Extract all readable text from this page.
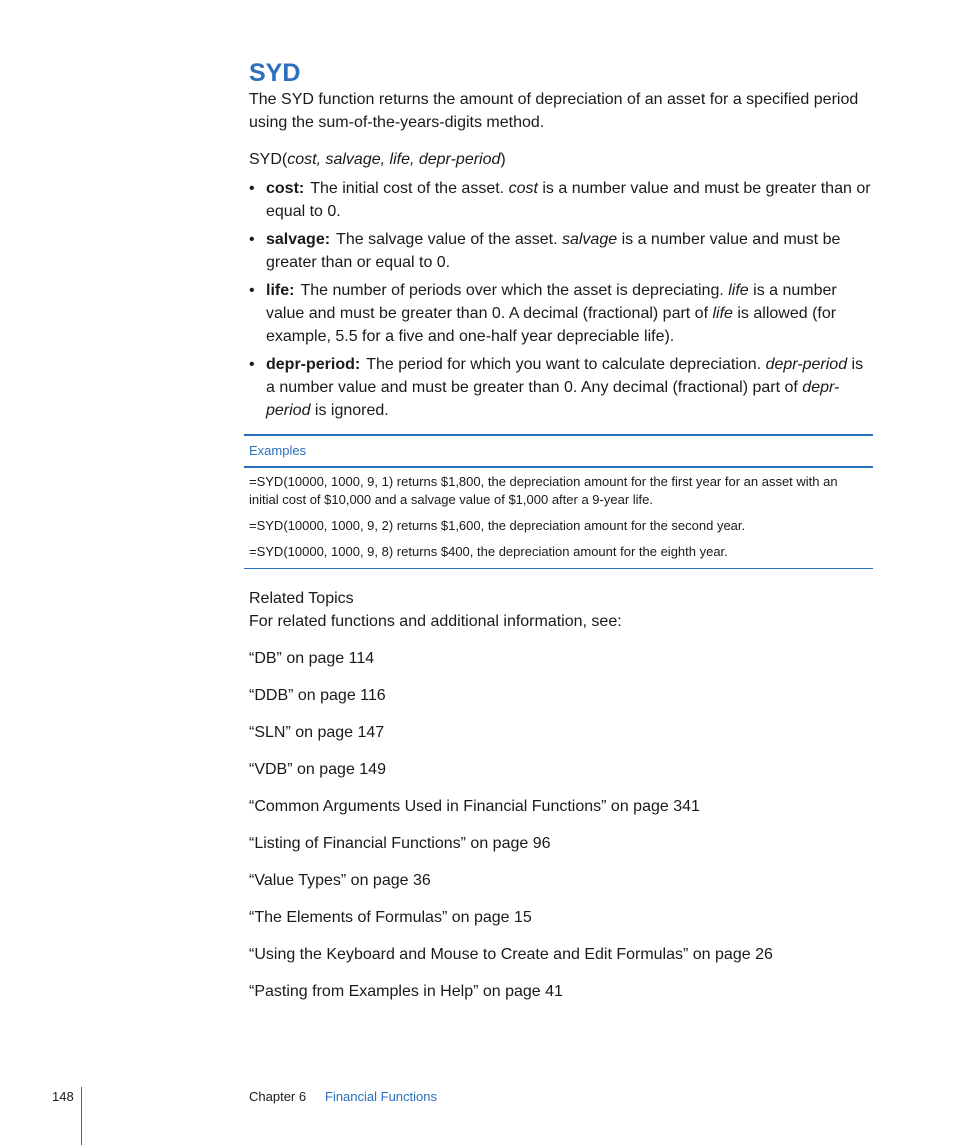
SYD

The SYD function returns the amount of depreciation of an asset for a specified period using the sum-of-the-years-digits method.

SYD(cost, salvage, life, depr-period)

• cost: The initial cost of the asset. cost is a number value and must be greater than or equal to 0.
• salvage: The salvage value of the asset. salvage is a number value and must be greater than or equal to 0.
• life: The number of periods over which the asset is depreciating. life is a number value and must be greater than 0. A decimal (fractional) part of life is allowed (for example, 5.5 for a five and one-half year depreciable life).
• depr-period: The period for which you want to calculate depreciation. depr-period is a number value and must be greater than 0. Any decimal (fractional) part of depr-period is ignored.
Examples
=SYD(10000, 1000, 9, 1) returns $1,800, the depreciation amount for the first year for an asset with an initial cost of $10,000 and a salvage value of $1,000 after a 9-year life.
=SYD(10000, 1000, 9, 2) returns $1,600, the depreciation amount for the second year.
=SYD(10000, 1000, 9, 8) returns $400, the depreciation amount for the eighth year.

Related Topics

For related functions and additional information, see:

“DB” on page 114
“DDB” on page 116
“SLN” on page 147
“VDB” on page 149
“Common Arguments Used in Financial Functions” on page 341
“Listing of Financial Functions” on page 96
“Value Types” on page 36
“The Elements of Formulas” on page 15
“Using the Keyboard and Mouse to Create and Edit Formulas” on page 26
“Pasting from Examples in Help” on page 41
148	Chapter 6 Financial Functions
